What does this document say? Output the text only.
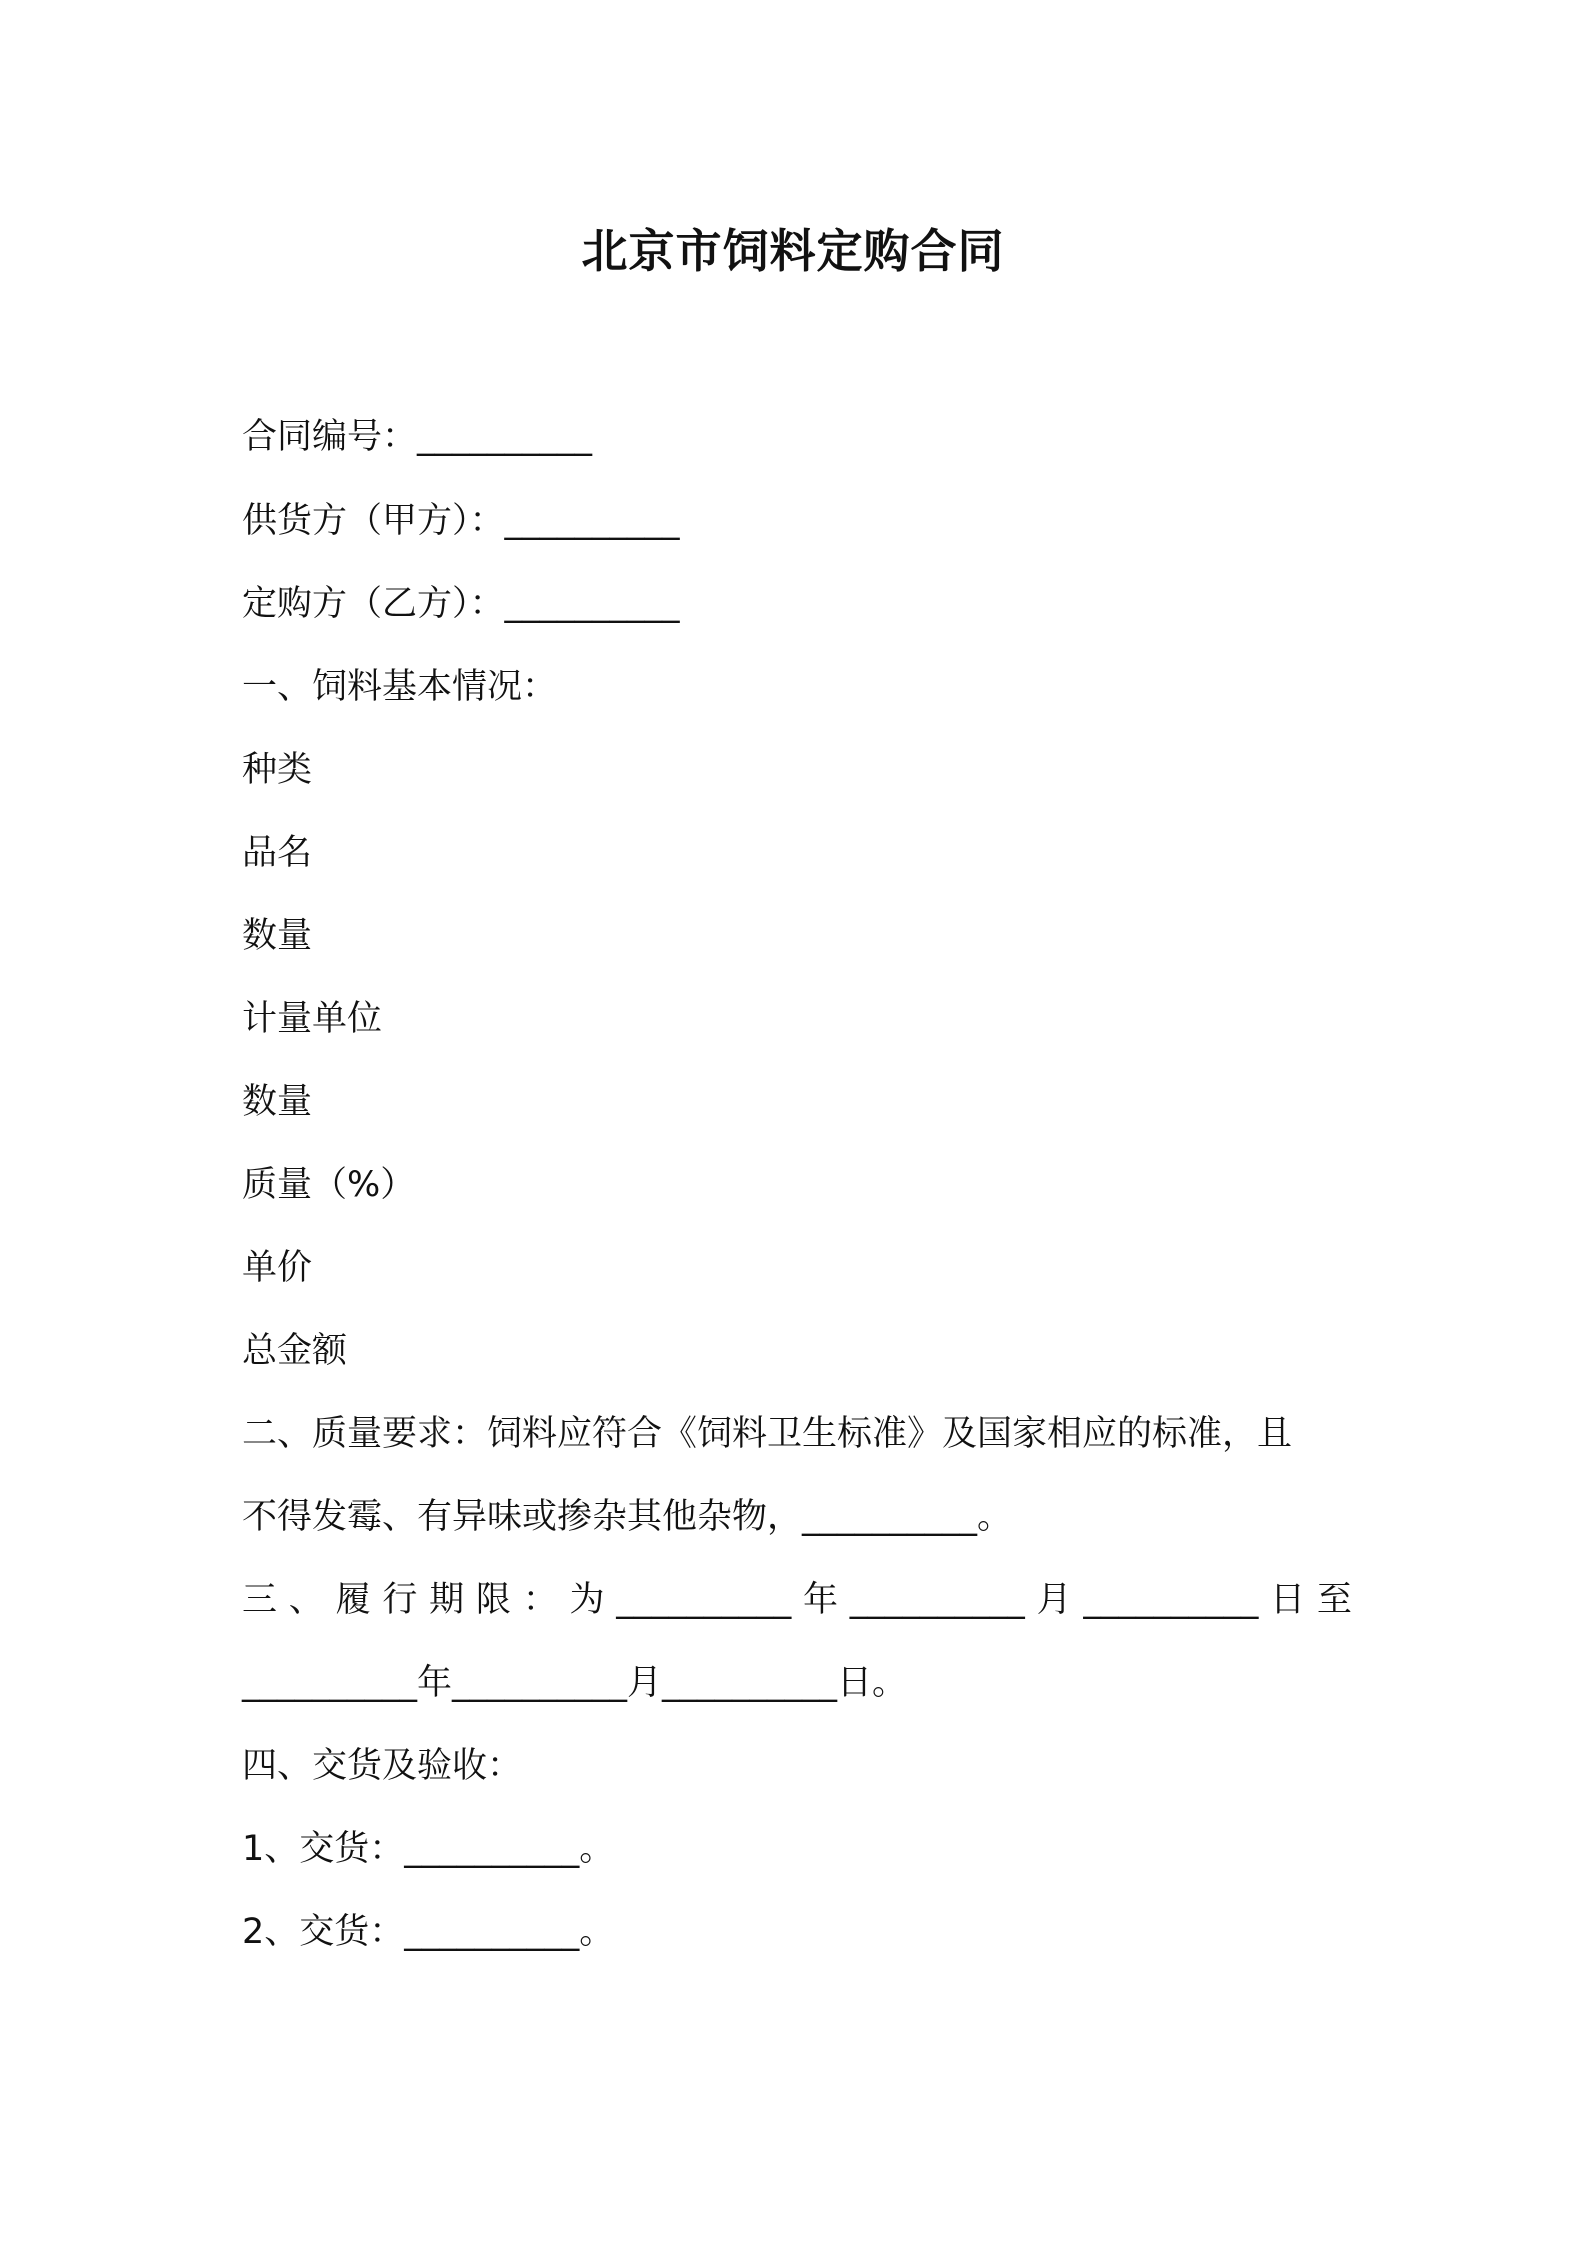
北京市饲料定购合同
合同编号：__________
供货方（甲方）：__________
定购方（乙方）：__________
一、饲料基本情况：
种类
品名
数量
计量单位
数量
质量（%）
单价
总金额
二、质量要求：饲料应符合《饲料卫生标准》及国家相应的标准，且
不得发霉、有异味或掺杂其他杂物，__________。
三 、 履 行 期 限 ： 为 __________ 年 __________ 月 __________ 日 至
__________年__________月__________日。
四、交货及验收：
1、交货：__________。
2、交货：__________。
